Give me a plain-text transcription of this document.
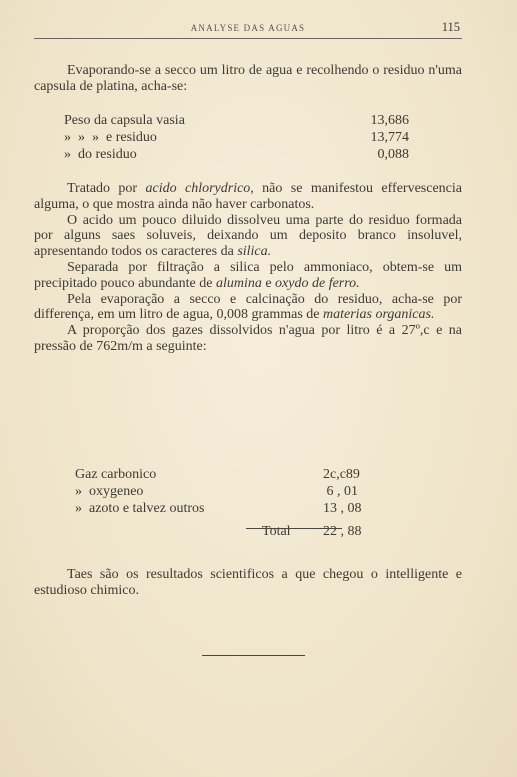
ANALYSE DAS AGUAS	115
Evaporando-se a secco um litro de agua e recolhendo o residuo n'uma capsula de platina, acha-se:
Peso da capsula vasia	13,686
»  »  »  e residuo	13,774
»  do residuo	0,088

Tratado por acido chlorydrico, não se manifestou effervescencia alguma, o que mostra ainda não haver carbonatos.

O acido um pouco diluido dissolveu uma parte do residuo formada por alguns saes soluveis, deixando um deposito branco insoluvel, apresentando todos os caracteres da silica.

Separada por filtração a silica pelo ammoniaco, obtem-se um precipitado pouco abundante de alumina e oxydo de ferro.

Pela evaporação a secco e calcinação do residuo, acha-se por differença, em um litro de agua, 0,008 grammas de materias organicas.

A proporção dos gazes dissolvidos n'agua por litro é a 27º,c e na pressão de 762m/m a seguinte:

Gaz carbonico	2c,c89
»  oxygeneo	6 , 01
»  azoto e talvez outros	13 , 08
Total 22 , 88

Taes são os resultados scientificos a que chegou o intelligente e estudioso chimico.
